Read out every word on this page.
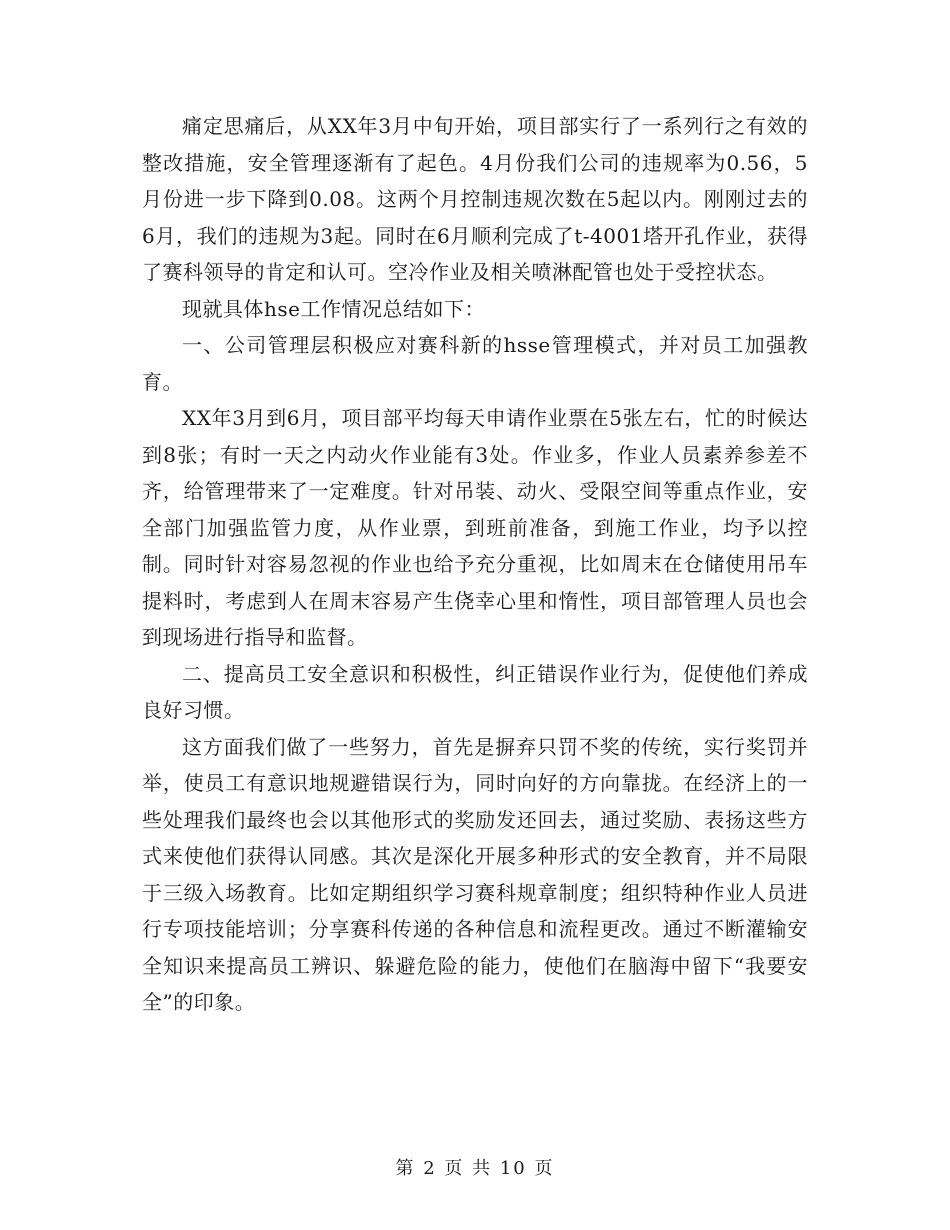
痛定思痛后，从XX年3月中旬开始，项目部实行了一系列行之有效的整改措施，安全管理逐渐有了起色。4月份我们公司的违规率为0.56，5月份进一步下降到0.08。这两个月控制违规次数在5起以内。刚刚过去的6月，我们的违规为3起。同时在6月顺利完成了t-4001塔开孔作业，获得了赛科领导的肯定和认可。空冷作业及相关喷淋配管也处于受控状态。

现就具体hse工作情况总结如下：

一、公司管理层积极应对赛科新的hsse管理模式，并对员工加强教育。

XX年3月到6月，项目部平均每天申请作业票在5张左右，忙的时候达到8张；有时一天之内动火作业能有3处。作业多，作业人员素养参差不齐，给管理带来了一定难度。针对吊装、动火、受限空间等重点作业，安全部门加强监管力度，从作业票，到班前准备，到施工作业，均予以控制。同时针对容易忽视的作业也给予充分重视，比如周末在仓储使用吊车提料时，考虑到人在周末容易产生侥幸心里和惰性，项目部管理人员也会到现场进行指导和监督。

二、提高员工安全意识和积极性，纠正错误作业行为，促使他们养成良好习惯。

这方面我们做了一些努力，首先是摒弃只罚不奖的传统，实行奖罚并举，使员工有意识地规避错误行为，同时向好的方向靠拢。在经济上的一些处理我们最终也会以其他形式的奖励发还回去，通过奖励、表扬这些方式来使他们获得认同感。其次是深化开展多种形式的安全教育，并不局限于三级入场教育。比如定期组织学习赛科规章制度；组织特种作业人员进行专项技能培训；分享赛科传递的各种信息和流程更改。通过不断灌输安全知识来提高员工辨识、躲避危险的能力，使他们在脑海中留下“我要安全”的印象。

第 2 页 共 10 页
